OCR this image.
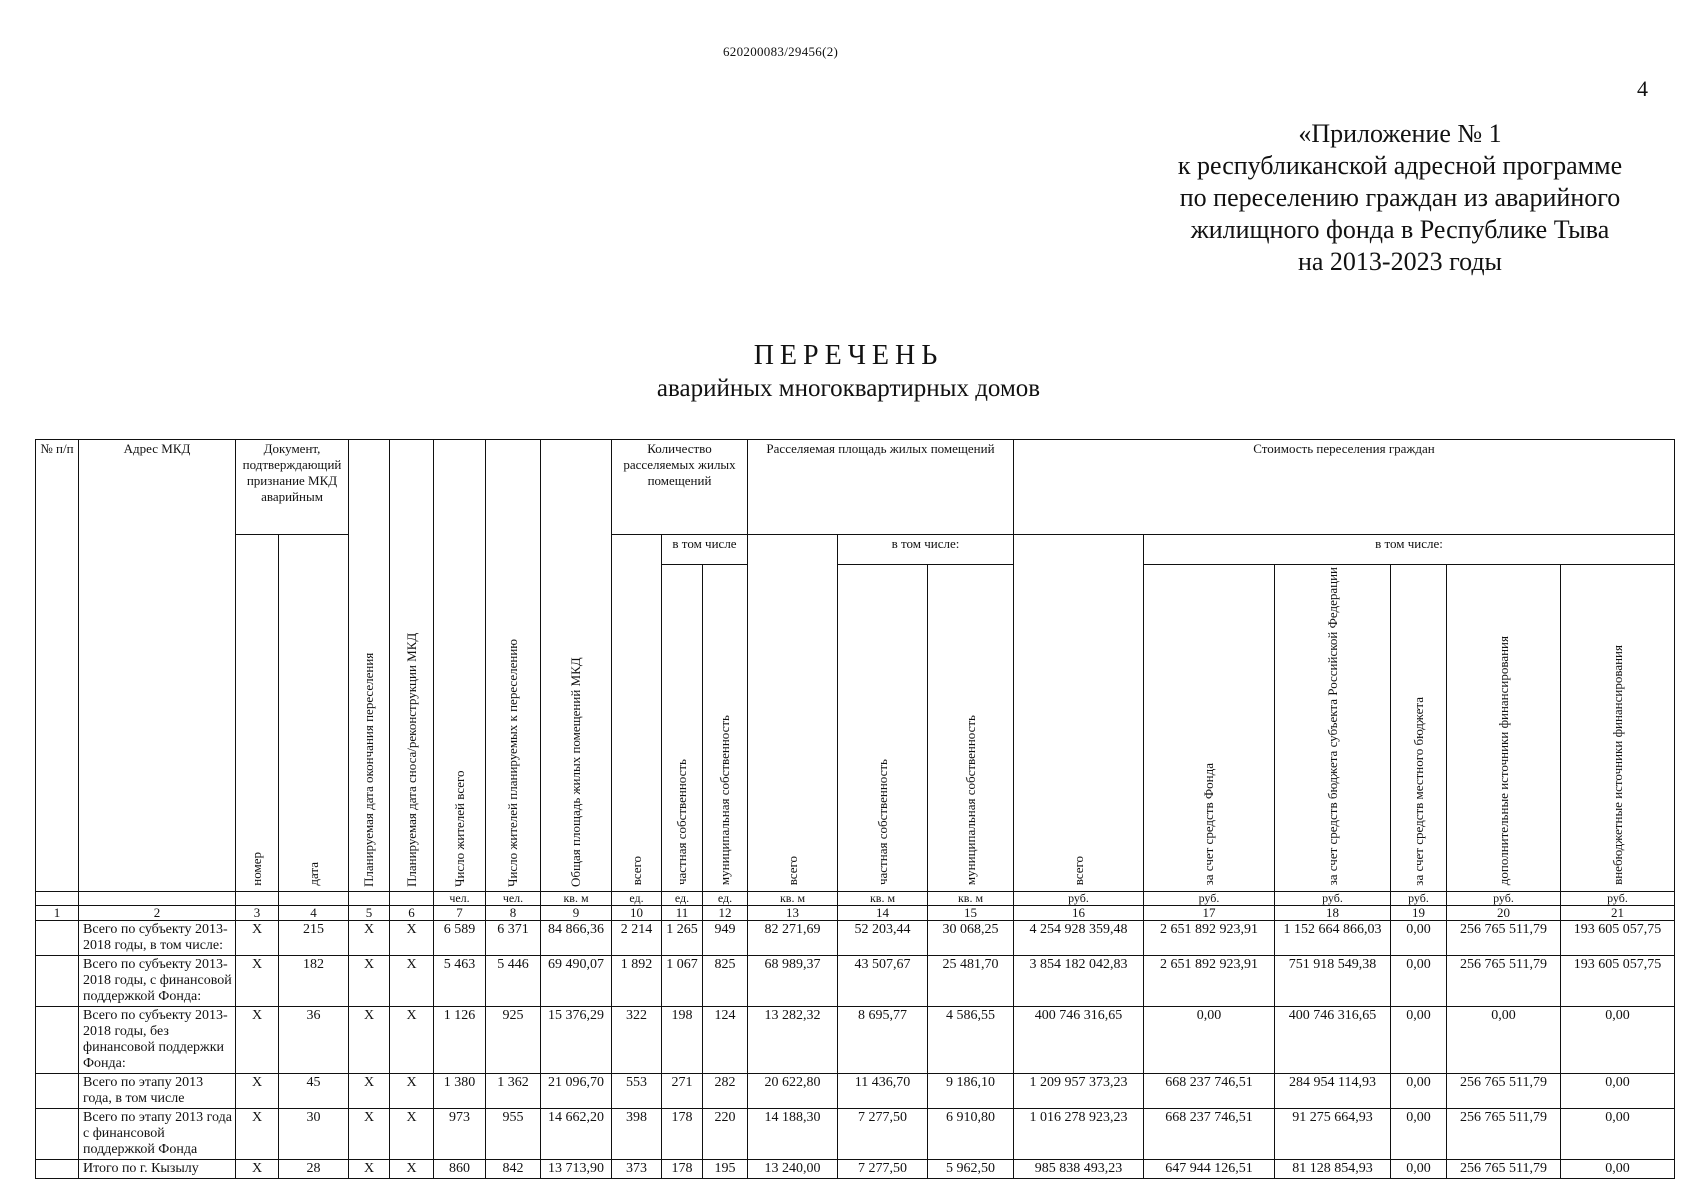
620200083/29456(2)
4
«Приложение № 1
к республиканской адресной программе
по переселению граждан из аварийного
жилищного фонда в Республике Тыва
на 2013-2023 годы
ПЕРЕЧЕНЬ
аварийных многоквартирных домов
№ п/п	Адрес МКД	Документ, подтверждающий признание МКД аварийным		Планируемая дата окончания переселения	Планируемая дата сноса/реконструкции МКД	Число жителей всего	Число жителей планируемых к переселению	Общая площадь жилых помещений МКД	Количество расселяемых жилых помещений			Расселяемая площадь жилых помещений			Стоимость переселения граждан					
		номер	дата						всего	в том числе		всего	в том числе:		всего	в том числе:				
										частная собственность	муниципальная собственность		частная собственность	муниципальная собственность		за счет средств Фонда	за счет средств бюджета субъекта Российской Федерации	за счет средств местного бюджета	дополнительные источники финансирования	внебюджетные источники финансирования
						чел.	чел.	кв. м	ед.	ед.	ед.	кв. м	кв. м	кв. м	руб.	руб.	руб.	руб.	руб.	руб.
1	2	3	4	5	6	7	8	9	10	11	12	13	14	15	16	17	18	19	20	21
	Всего по субъекту 2013-2018 годы, в том числе:	X	215	X	X	6 589	6 371	84 866,36	2 214	1 265	949	82 271,69	52 203,44	30 068,25	4 254 928 359,48	2 651 892 923,91	1 152 664 866,03	0,00	256 765 511,79	193 605 057,75
	Всего по субъекту 2013-2018 годы, с финансовой поддержкой Фонда:	X	182	X	X	5 463	5 446	69 490,07	1 892	1 067	825	68 989,37	43 507,67	25 481,70	3 854 182 042,83	2 651 892 923,91	751 918 549,38	0,00	256 765 511,79	193 605 057,75
	Всего по субъекту 2013-2018 годы, без финансовой поддержки Фонда:	X	36	X	X	1 126	925	15 376,29	322	198	124	13 282,32	8 695,77	4 586,55	400 746 316,65	0,00	400 746 316,65	0,00	0,00	0,00
	Всего по этапу 2013 года, в том числе	X	45	X	X	1 380	1 362	21 096,70	553	271	282	20 622,80	11 436,70	9 186,10	1 209 957 373,23	668 237 746,51	284 954 114,93	0,00	256 765 511,79	0,00
	Всего по этапу 2013 года с финансовой поддержкой Фонда	X	30	X	X	973	955	14 662,20	398	178	220	14 188,30	7 277,50	6 910,80	1 016 278 923,23	668 237 746,51	91 275 664,93	0,00	256 765 511,79	0,00
	Итого по г. Кызылу	X	28	X	X	860	842	13 713,90	373	178	195	13 240,00	7 277,50	5 962,50	985 838 493,23	647 944 126,51	81 128 854,93	0,00	256 765 511,79	0,00
